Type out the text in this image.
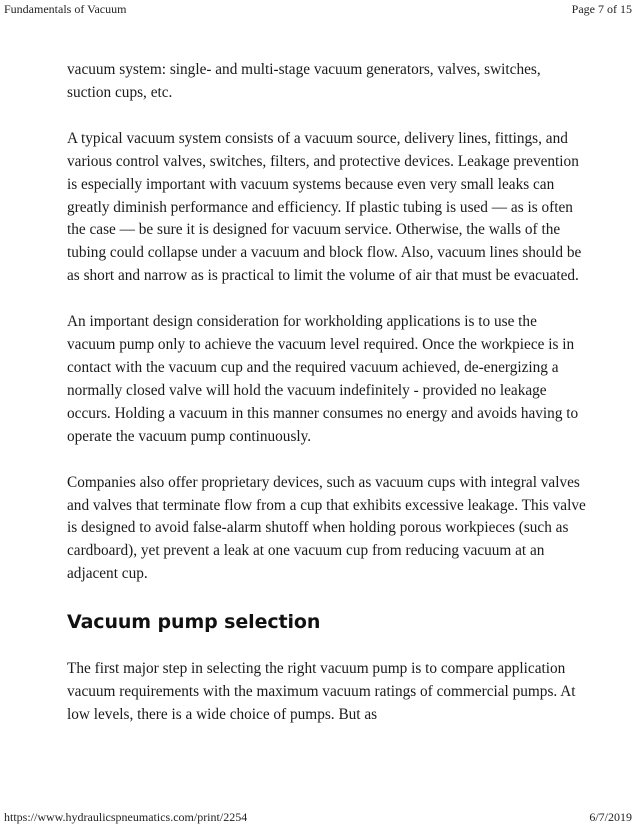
Fundamentals of Vacuum	Page 7 of 15

vacuum system: single- and multi-stage vacuum generators, valves, switches, suction cups, etc.

A typical vacuum system consists of a vacuum source, delivery lines, fittings, and various control valves, switches, filters, and protective devices. Leakage prevention is especially important with vacuum systems because even very small leaks can greatly diminish performance and efficiency. If plastic tubing is used — as is often the case — be sure it is designed for vacuum service. Otherwise, the walls of the tubing could collapse under a vacuum and block flow. Also, vacuum lines should be as short and narrow as is practical to limit the volume of air that must be evacuated.

An important design consideration for workholding applications is to use the vacuum pump only to achieve the vacuum level required. Once the workpiece is in contact with the vacuum cup and the required vacuum achieved, de-energizing a normally closed valve will hold the vacuum indefinitely - provided no leakage occurs. Holding a vacuum in this manner consumes no energy and avoids having to operate the vacuum pump continuously.

Companies also offer proprietary devices, such as vacuum cups with integral valves and valves that terminate flow from a cup that exhibits excessive leakage. This valve is designed to avoid false-alarm shutoff when holding porous workpieces (such as cardboard), yet prevent a leak at one vacuum cup from reducing vacuum at an adjacent cup.

Vacuum pump selection

The first major step in selecting the right vacuum pump is to compare application vacuum requirements with the maximum vacuum ratings of commercial pumps. At low levels, there is a wide choice of pumps. But as

https://www.hydraulicspneumatics.com/print/2254	6/7/2019
